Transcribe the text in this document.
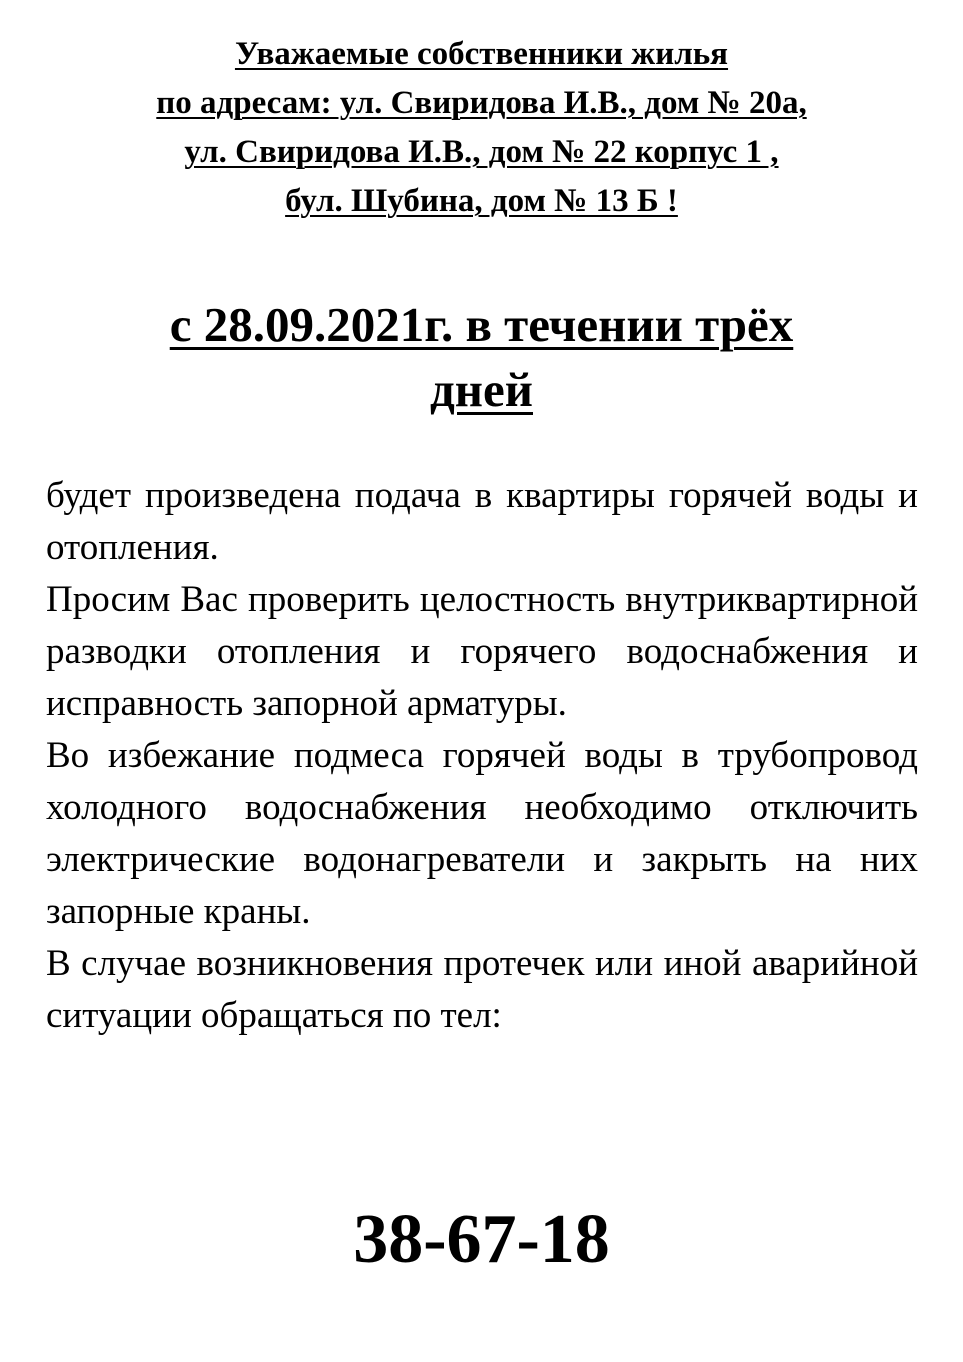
Уважаемые собственники жилья
по адресам: ул. Свиридова И.В., дом № 20а,
ул. Свиридова И.В., дом № 22 корпус 1 ,
бул. Шубина, дом № 13 Б !
с 28.09.2021г. в течении трёх
дней

будет произведена подача в квартиры горячей воды и отопления.

Просим Вас проверить целостность внутриквартирной разводки отопления и горячего водоснабжения и исправность запорной арматуры.

Во избежание подмеса горячей воды в трубопровод холодного водоснабжения необходимо отключить электрические водонагреватели и закрыть на них запорные краны.

В случае возникновения протечек или иной аварийной ситуации обращаться по тел:

38-67-18
